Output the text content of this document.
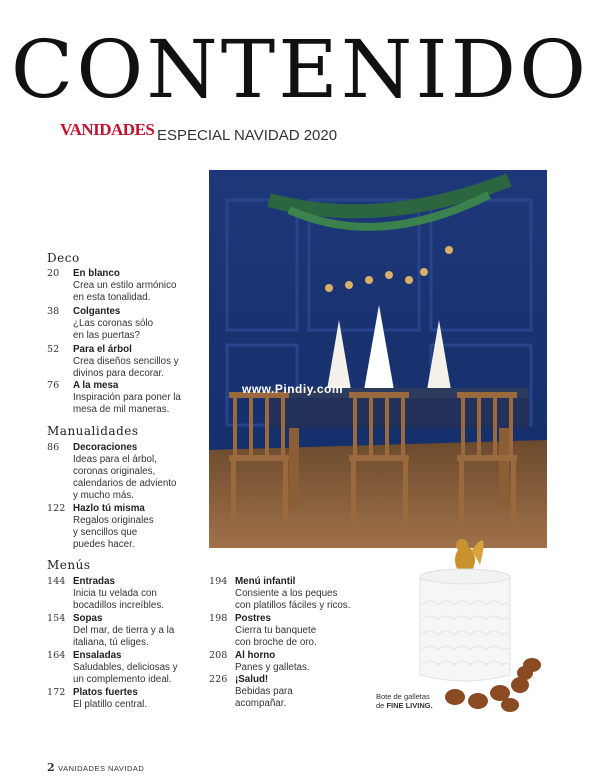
CONTENIDO
VANIDADES ESPECIAL NAVIDAD 2020
www.Pindiy.com
Deco
20 En blanco
Crea un estilo armónico
en esta tonalidad.
38 Colgantes
¿Las coronas sólo
en las puertas?
52 Para el árbol
Crea diseños sencillos y
divinos para decorar.
76 A la mesa
Inspiración para poner la
mesa de mil maneras.
Manualidades
86 Decoraciones
Ideas para el árbol,
coronas originales,
calendarios de adviento
y mucho más.
122 Hazlo tú misma
Regalos originales
y sencillos que
puedes hacer.
Menús
144 Entradas
Inicia tu velada con
bocadillos increíbles.
154 Sopas
Del mar, de tierra y a la
italiana, tú eliges.
164 Ensaladas
Saludables, deliciosas y
un complemento ideal.
172 Platos fuertes
El platillo central.
194 Menú infantil
Consiente a los peques
con platillos fáciles y ricos.
198 Postres
Cierra tu banquete
con broche de oro.
208 Al horno
Panes y galletas.
226 ¡Salud!
Bebidas para
acompañar.
Bote de galletas
de FINE LIVING.
2 VANIDADES NAVIDAD
